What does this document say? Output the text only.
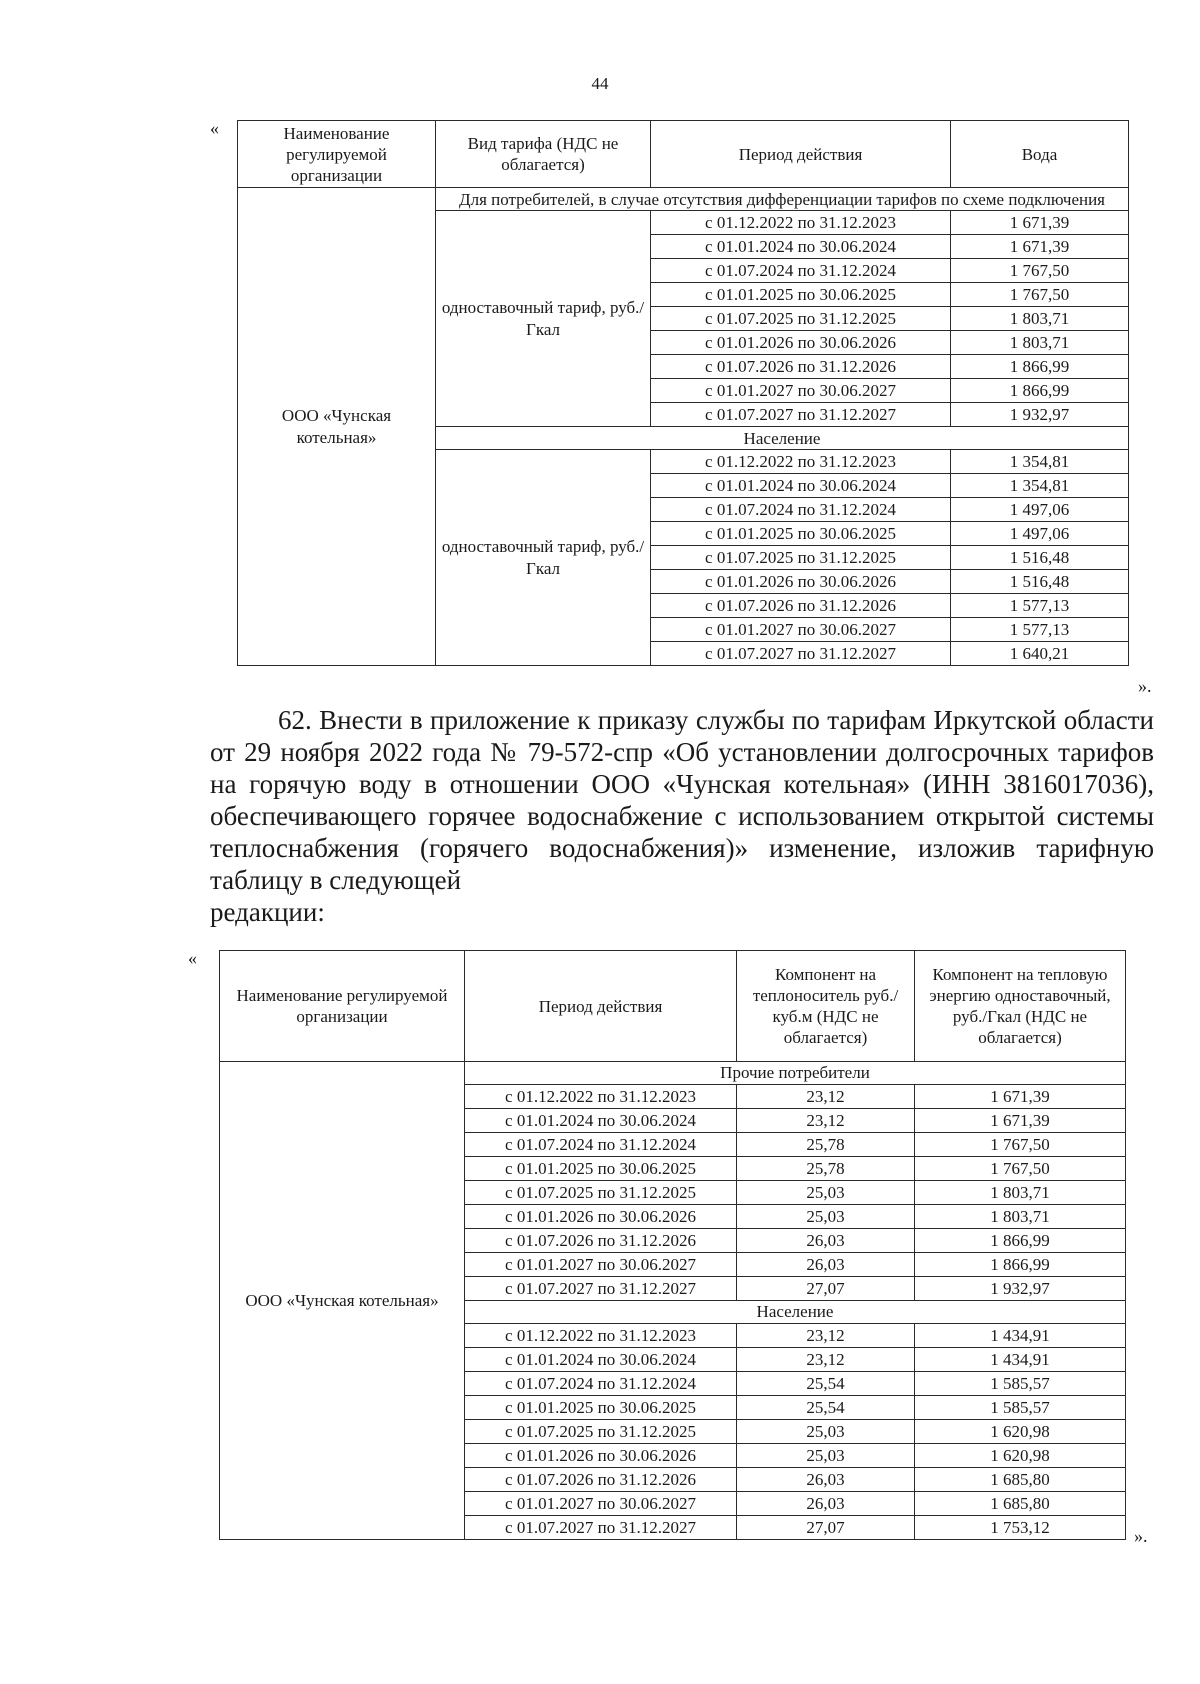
44
«
».
Наименование регулируемой организации	Вид тарифа (НДС не облагается)	Период действия	Вода
ООО «Чунская котельная»	Для потребителей, в случае отсутствия дифференциации тарифов по схеме подключения		
	одноставочный тариф, руб./Гкал	с 01.12.2022 по 31.12.2023	1 671,39
		с 01.01.2024 по 30.06.2024	1 671,39
		с 01.07.2024 по 31.12.2024	1 767,50
		с 01.01.2025 по 30.06.2025	1 767,50
		с 01.07.2025 по 31.12.2025	1 803,71
		с 01.01.2026 по 30.06.2026	1 803,71
		с 01.07.2026 по 31.12.2026	1 866,99
		с 01.01.2027 по 30.06.2027	1 866,99
		с 01.07.2027 по 31.12.2027	1 932,97
	Население		
	одноставочный тариф, руб./Гкал	с 01.12.2022 по 31.12.2023	1 354,81
		с 01.01.2024 по 30.06.2024	1 354,81
		с 01.07.2024 по 31.12.2024	1 497,06
		с 01.01.2025 по 30.06.2025	1 497,06
		с 01.07.2025 по 31.12.2025	1 516,48
		с 01.01.2026 по 30.06.2026	1 516,48
		с 01.07.2026 по 31.12.2026	1 577,13
		с 01.01.2027 по 30.06.2027	1 577,13
		с 01.07.2027 по 31.12.2027	1 640,21
62. Внести в приложение к приказу службы по тарифам Иркутской области от 29 ноября 2022 года № 79-572-спр «Об установлении долгосрочных тарифов на горячую воду в отношении ООО «Чунская котельная» (ИНН 3816017036), обеспечивающего горячее водоснабжение с использованием открытой системы теплоснабжения (горячего водоснабжения)» изменение, изложив тарифную таблицу в следующей
редакции:
«
».
Наименование регулируемой организации	Период действия	Компонент на теплоноситель руб./куб.м (НДС не облагается)	Компонент на тепловую энергию одноставочный, руб./Гкал (НДС не облагается)
ООО «Чунская котельная»	Прочие потребители		
	с 01.12.2022 по 31.12.2023	23,12	1 671,39
	с 01.01.2024 по 30.06.2024	23,12	1 671,39
	с 01.07.2024 по 31.12.2024	25,78	1 767,50
	с 01.01.2025 по 30.06.2025	25,78	1 767,50
	с 01.07.2025 по 31.12.2025	25,03	1 803,71
	с 01.01.2026 по 30.06.2026	25,03	1 803,71
	с 01.07.2026 по 31.12.2026	26,03	1 866,99
	с 01.01.2027 по 30.06.2027	26,03	1 866,99
	с 01.07.2027 по 31.12.2027	27,07	1 932,97
	Население		
	с 01.12.2022 по 31.12.2023	23,12	1 434,91
	с 01.01.2024 по 30.06.2024	23,12	1 434,91
	с 01.07.2024 по 31.12.2024	25,54	1 585,57
	с 01.01.2025 по 30.06.2025	25,54	1 585,57
	с 01.07.2025 по 31.12.2025	25,03	1 620,98
	с 01.01.2026 по 30.06.2026	25,03	1 620,98
	с 01.07.2026 по 31.12.2026	26,03	1 685,80
	с 01.01.2027 по 30.06.2027	26,03	1 685,80
	с 01.07.2027 по 31.12.2027	27,07	1 753,12
